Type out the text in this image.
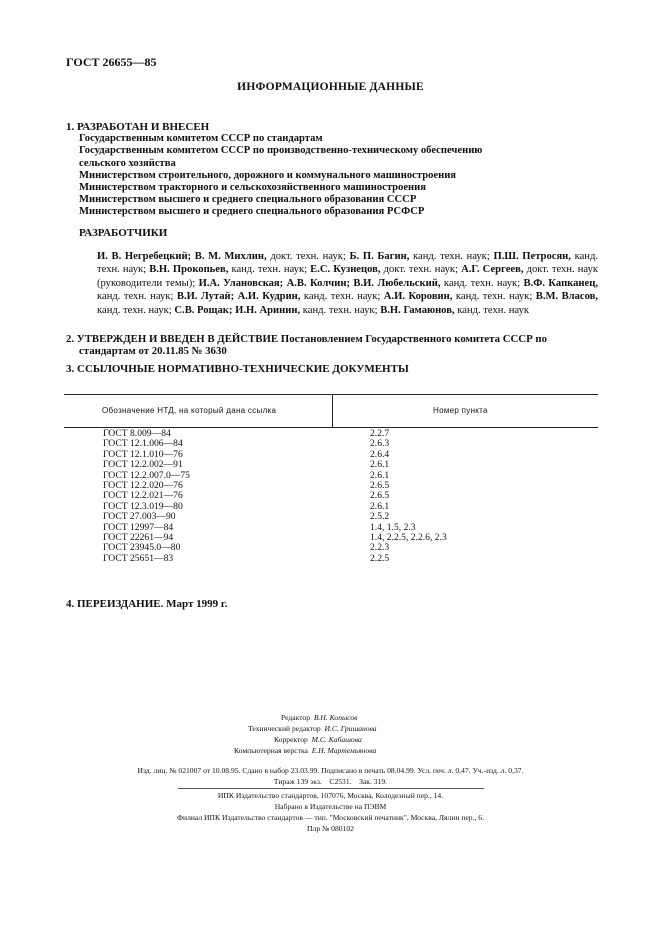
ГОСТ 26655—85
ИНФОРМАЦИОННЫЕ ДАННЫЕ
1. РАЗРАБОТАН И ВНЕСЕН
Государственным комитетом СССР по стандартам
Государственным комитетом СССР по производственно-техническому обеспечению
сельского хозяйства
Министерством строительного, дорожного и коммунального машиностроения
Министерством тракторного и сельскохозяйственного машиностроения
Министерством высшего и среднего специального образования СССР
Министерством высшего и среднего специального образования РСФСР
РАЗРАБОТЧИКИ
И. В. Негребецкий; В. М. Михлин, докт. техн. наук; Б. П. Багин, канд. техн. наук; П.Ш. Петросян, канд. техн. наук; В.Н. Прокопьев, канд. техн. наук; Е.С. Кузнецов, докт. техн. наук; А.Г. Сергеев, докт. техн. наук (руководители темы); И.А. Улановская; А.В. Колчин; В.И. Любельский, канд. техн. наук; В.Ф. Капканец, канд. техн. наук; В.И. Лутай; А.И. Кудрин, канд. техн. наук; А.И. Коровин, канд. техн. наук; В.М. Власов, канд. техн. наук; С.В. Рощак; И.Н. Аринин, канд. техн. наук; В.Н. Гамаюнов, канд. техн. наук
2. УТВЕРЖДЕН И ВВЕДЕН В ДЕЙСТВИЕ Постановлением Государственного комитета СССР по
стандартам от 20.11.85 № 3630
3. ССЫЛОЧНЫЕ НОРМАТИВНО-ТЕХНИЧЕСКИЕ ДОКУМЕНТЫ
Обозначение НТД, на который дана ссылка	Номер пункта
ГОСТ 8.009—84	2.2.7
ГОСТ 12.1.006—84	2.6.3
ГОСТ 12.1.010—76	2.6.4
ГОСТ 12.2.002—91	2.6.1
ГОСТ 12.2.007.0—75	2.6.1
ГОСТ 12.2.020—76	2.6.5
ГОСТ 12.2.021—76	2.6.5
ГОСТ 12.3.019—80	2.6.1
ГОСТ 27.003—90	2.5.2
ГОСТ 12997—84	1.4, 1.5, 2.3
ГОСТ 22261—94	1.4, 2.2.5, 2.2.6, 2.3
ГОСТ 23945.0—80	2.2.3
ГОСТ 25651—83	2.2.5
4. ПЕРЕИЗДАНИЕ. Март 1999 г.
Редактор В.Н. Копысов
Технический редактор И.С. Гришанова
Корректор М.С. Кабашова
Компьютерная верстка Е.Н. Мартемьянова
Изд. лиц. № 021007 от 10.08.95. Сдано в набор 23.03.99. Подписано в печать 08.04.99. Усл. печ. л. 0,47. Уч.-изд. л. 0,37.
Тираж 139 экз.    С2531.    Зак. 319.
ИПК Издательство стандартов, 107076, Москва, Колодезный пер., 14.
Набрано в Издательстве на ПЭВМ
Филиал ИПК Издательство стандартов — тип. "Московский печатник", Москва, Лялин пер., 6.
Плр № 080102
